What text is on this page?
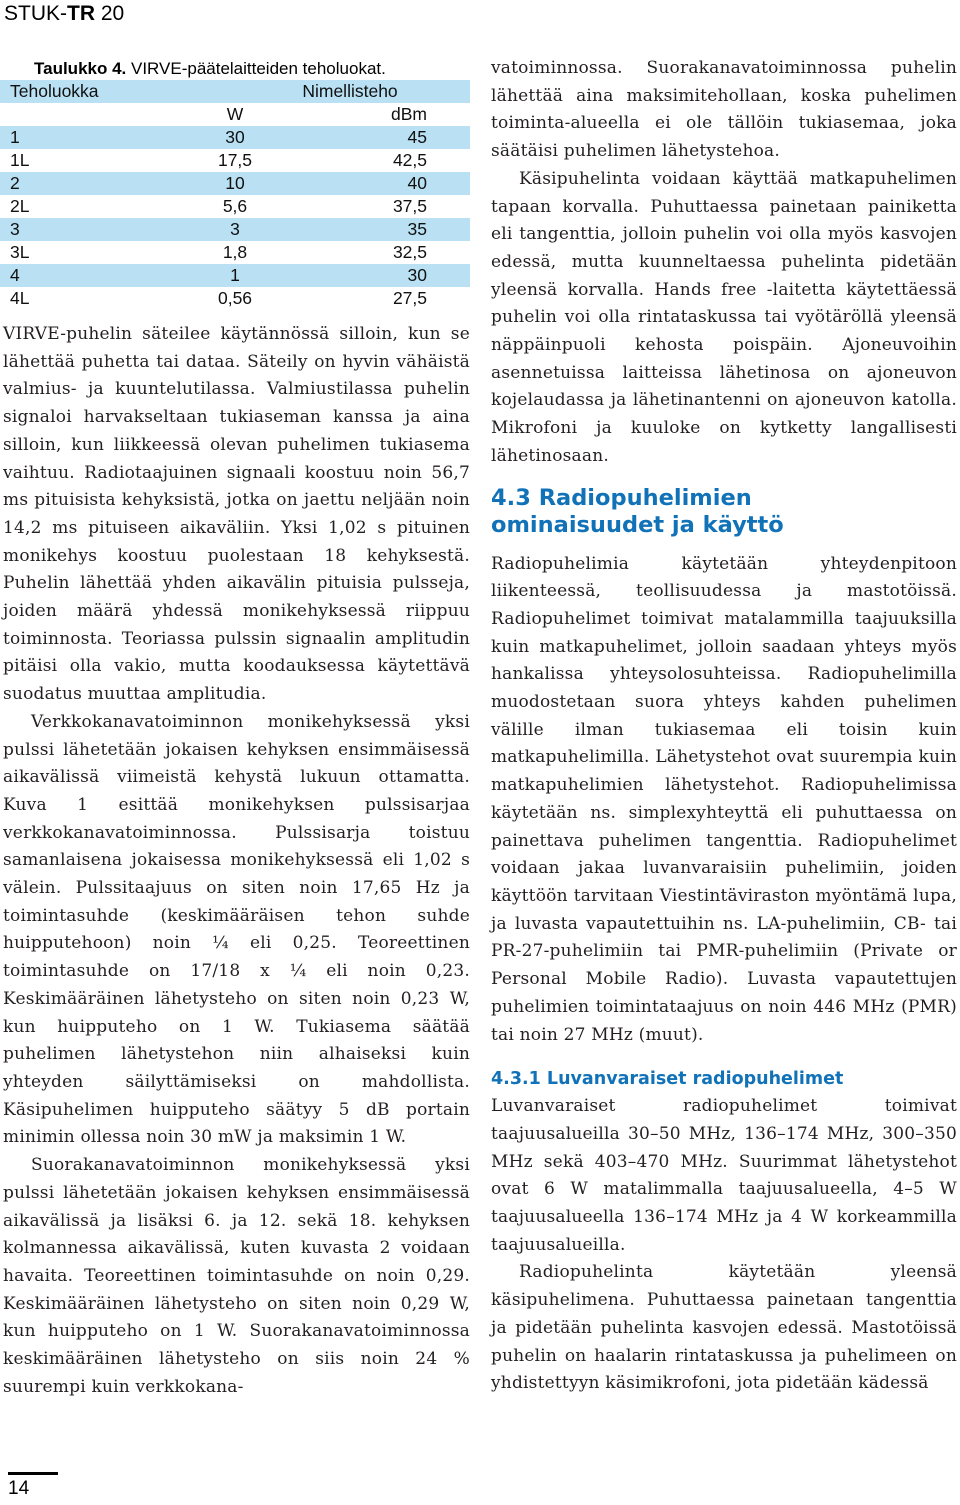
STUK-TR 20
Taulukko 4. VIRVE-päätelaitteiden teholuokat.
Teholuokka	Nimellisteho	
	W	dBm
1	30	45
1L	17,5	42,5
2	10	40
2L	5,6	37,5
3	3	35
3L	1,8	32,5
4	1	30
4L	0,56	27,5

VIRVE-puhelin säteilee käytännössä silloin, kun se lähettää puhetta tai dataa. Säteily on hyvin vähäistä valmius- ja kuuntelutilassa. Valmiustilassa puhelin signaloi harvakseltaan tukiaseman kanssa ja aina silloin, kun liikkeessä olevan puhelimen tukiasema vaihtuu. Radiotaajuinen signaali koostuu noin 56,7 ms pituisista kehyksistä, jotka on jaettu neljään noin 14,2 ms pituiseen aikaväliin. Yksi 1,02 s pituinen monikehys koostuu puolestaan 18 kehyksestä. Puhelin lähettää yhden aikavälin pituisia pulsseja, joiden määrä yhdessä monikehyksessä riippuu toiminnosta. Teoriassa pulssin signaalin amplitudin pitäisi olla vakio, mutta koodauksessa käytettävä suodatus muuttaa amplitudia.

Verkkokanavatoiminnon monikehyksessä yksi pulssi lähetetään jokaisen kehyksen ensimmäisessä aikavälissä viimeistä kehystä lukuun ottamatta. Kuva 1 esittää monikehyksen pulssisarjaa verkkokanavatoiminnossa. Pulssisarja toistuu samanlaisena jokaisessa monikehyksessä eli 1,02 s välein. Pulssitaajuus on siten noin 17,65 Hz ja toimintasuhde (keskimääräisen tehon suhde huipputehoon) noin ¼ eli 0,25. Teoreettinen toimintasuhde on 17/18 x ¼ eli noin 0,23. Keskimääräinen lähetysteho on siten noin 0,23 W, kun huipputeho on 1 W. Tukiasema säätää puhelimen lähetystehon niin alhaiseksi kuin yhteyden säilyttämiseksi on mahdollista. Käsipuhelimen huipputeho säätyy 5 dB portain minimin ollessa noin 30 mW ja maksimin 1 W.

Suorakanavatoiminnon monikehyksessä yksi pulssi lähetetään jokaisen kehyksen ensimmäisessä aikavälissä ja lisäksi 6. ja 12. sekä 18. kehyksen kolmannessa aikavälissä, kuten kuvasta 2 voidaan havaita. Teoreettinen toimintasuhde on noin 0,29. Keskimääräinen lähetysteho on siten noin 0,29 W, kun huipputeho on 1 W. Suorakanavatoiminnossa keskimääräinen lähetysteho on siis noin 24 % suurempi kuin verkkokana-

vatoiminnossa. Suorakanavatoiminnossa puhelin lähettää aina maksimitehollaan, koska puhelimen toiminta-alueella ei ole tällöin tukiasemaa, joka säätäisi puhelimen lähetystehoa.

Käsipuhelinta voidaan käyttää matkapuhelimen tapaan korvalla. Puhuttaessa painetaan painiketta eli tangenttia, jolloin puhelin voi olla myös kasvojen edessä, mutta kuunneltaessa puhelinta pidetään yleensä korvalla. Hands free -laitetta käytettäessä puhelin voi olla rintataskussa tai vyötäröllä yleensä näppäinpuoli kehosta poispäin. Ajoneuvoihin asennetuissa laitteissa lähetinosa on ajoneuvon kojelaudassa ja lähetinantenni on ajoneuvon katolla. Mikrofoni ja kuuloke on kytketty langallisesti lähetinosaan.

4.3 Radiopuhelimien
ominaisuudet ja käyttö

Radiopuhelimia käytetään yhteydenpitoon liikenteessä, teollisuudessa ja mastotöissä. Radiopuhelimet toimivat matalammilla taajuuksilla kuin matkapuhelimet, jolloin saadaan yhteys myös hankalissa yhteysolosuhteissa. Radiopuhelimilla muodostetaan suora yhteys kahden puhelimen välille ilman tukiasemaa eli toisin kuin matkapuhelimilla. Lähetystehot ovat suurempia kuin matkapuhelimien lähetystehot. Radiopuhelimissa käytetään ns. simplexyhteyttä eli puhuttaessa on painettava puhelimen tangenttia. Radiopuhelimet voidaan jakaa luvanvaraisiin puhelimiin, joiden käyttöön tarvitaan Viestintäviraston myöntämä lupa, ja luvasta vapautettuihin ns. LA-puhelimiin, CB- tai PR-27-puhelimiin tai PMR-puhelimiin (Private or Personal Mobile Radio). Luvasta vapautettujen puhelimien toimintataajuus on noin 446 MHz (PMR) tai noin 27 MHz (muut).

4.3.1 Luvanvaraiset radiopuhelimet

Luvanvaraiset radiopuhelimet toimivat taajuusalueilla 30–50 MHz, 136–174 MHz, 300–350 MHz sekä 403–470 MHz. Suurimmat lähetystehot ovat 6 W matalimmalla taajuusalueella, 4–5 W taajuusalueella 136–174 MHz ja 4 W korkeammilla taajuusalueilla.

Radiopuhelinta käytetään yleensä käsipuhelimena. Puhuttaessa painetaan tangenttia ja pidetään puhelinta kasvojen edessä. Mastotöissä puhelin on haalarin rintataskussa ja puhelimeen on yhdistettyyn käsimikrofoni, jota pidetään kädessä

14
